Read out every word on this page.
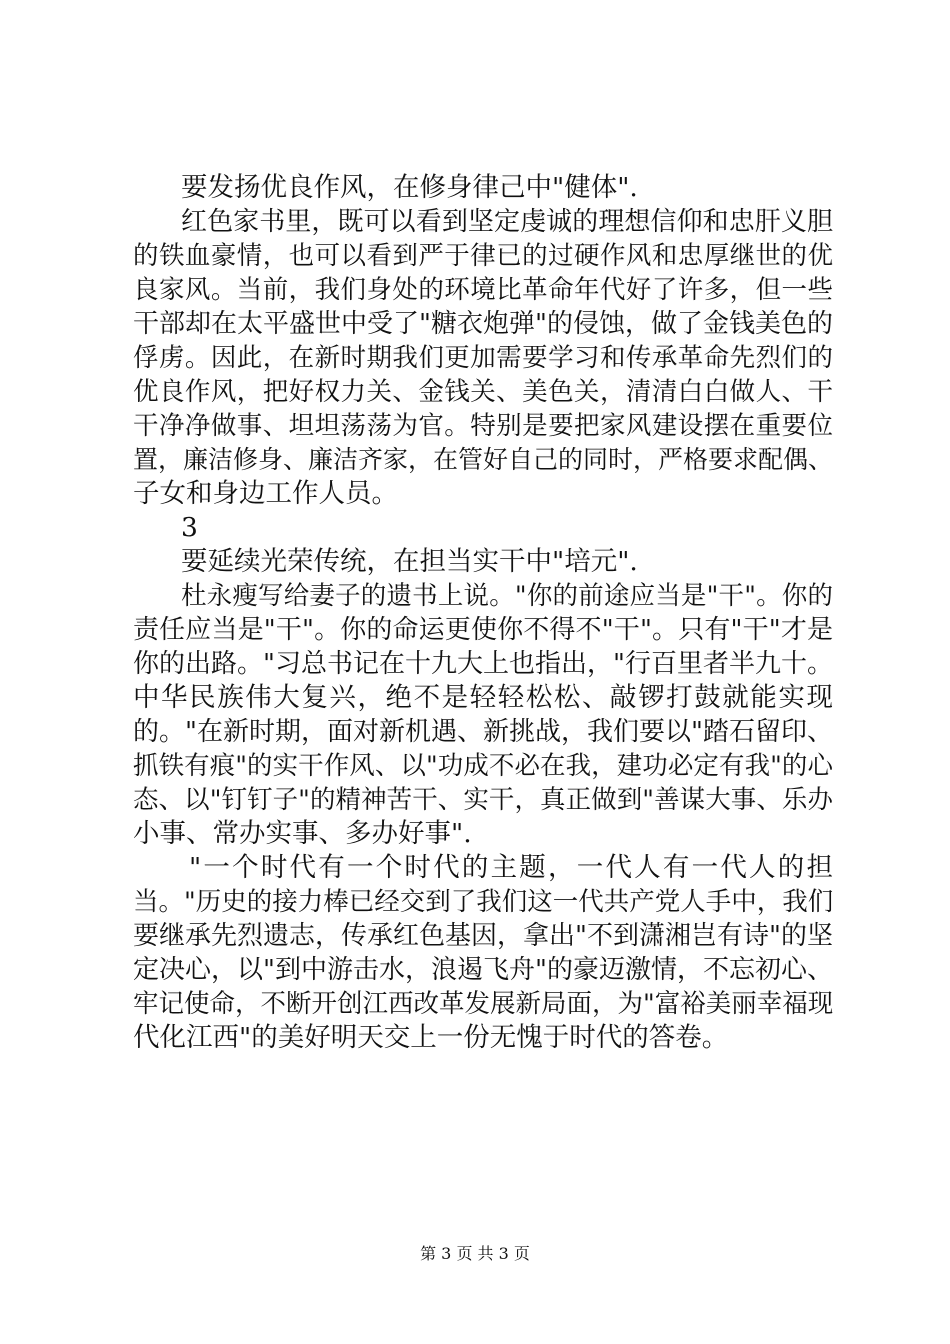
要发扬优良作风，在修身律己中"健体".
红色家书里，既可以看到坚定虔诚的理想信仰和忠肝义胆
的铁血豪情，也可以看到严于律已的过硬作风和忠厚继世的优
良家风。当前，我们身处的环境比革命年代好了许多，但一些
干部却在太平盛世中受了"糖衣炮弹"的侵蚀，做了金钱美色的
俘虏。因此，在新时期我们更加需要学习和传承革命先烈们的
优良作风，把好权力关、金钱关、美色关，清清白白做人、干
干净净做事、坦坦荡荡为官。特别是要把家风建设摆在重要位
置，廉洁修身、廉洁齐家，在管好自己的同时，严格要求配偶、
子女和身边工作人员。
3
要延续光荣传统，在担当实干中"培元".
杜永瘦写给妻子的遗书上说。"你的前途应当是"干"。你的
责任应当是"干"。你的命运更使你不得不"干"。只有"干"才是
你的出路。"习总书记在十九大上也指出，"行百里者半九十。
中华民族伟大复兴，绝不是轻轻松松、敲锣打鼓就能实现
的。"在新时期，面对新机遇、新挑战，我们要以"踏石留印、
抓铁有痕"的实干作风、以"功成不必在我，建功必定有我"的心
态、以"钉钉子"的精神苦干、实干，真正做到"善谋大事、乐办
小事、常办实事、多办好事".
"一个时代有一个时代的主题，一代人有一代人的担
当。"历史的接力棒已经交到了我们这一代共产党人手中，我们
要继承先烈遗志，传承红色基因，拿出"不到潇湘岂有诗"的坚
定决心，以"到中游击水，浪遏飞舟"的豪迈激情，不忘初心、
牢记使命，不断开创江西改革发展新局面，为"富裕美丽幸福现
代化江西"的美好明天交上一份无愧于时代的答卷。
第 3 页 共 3 页
